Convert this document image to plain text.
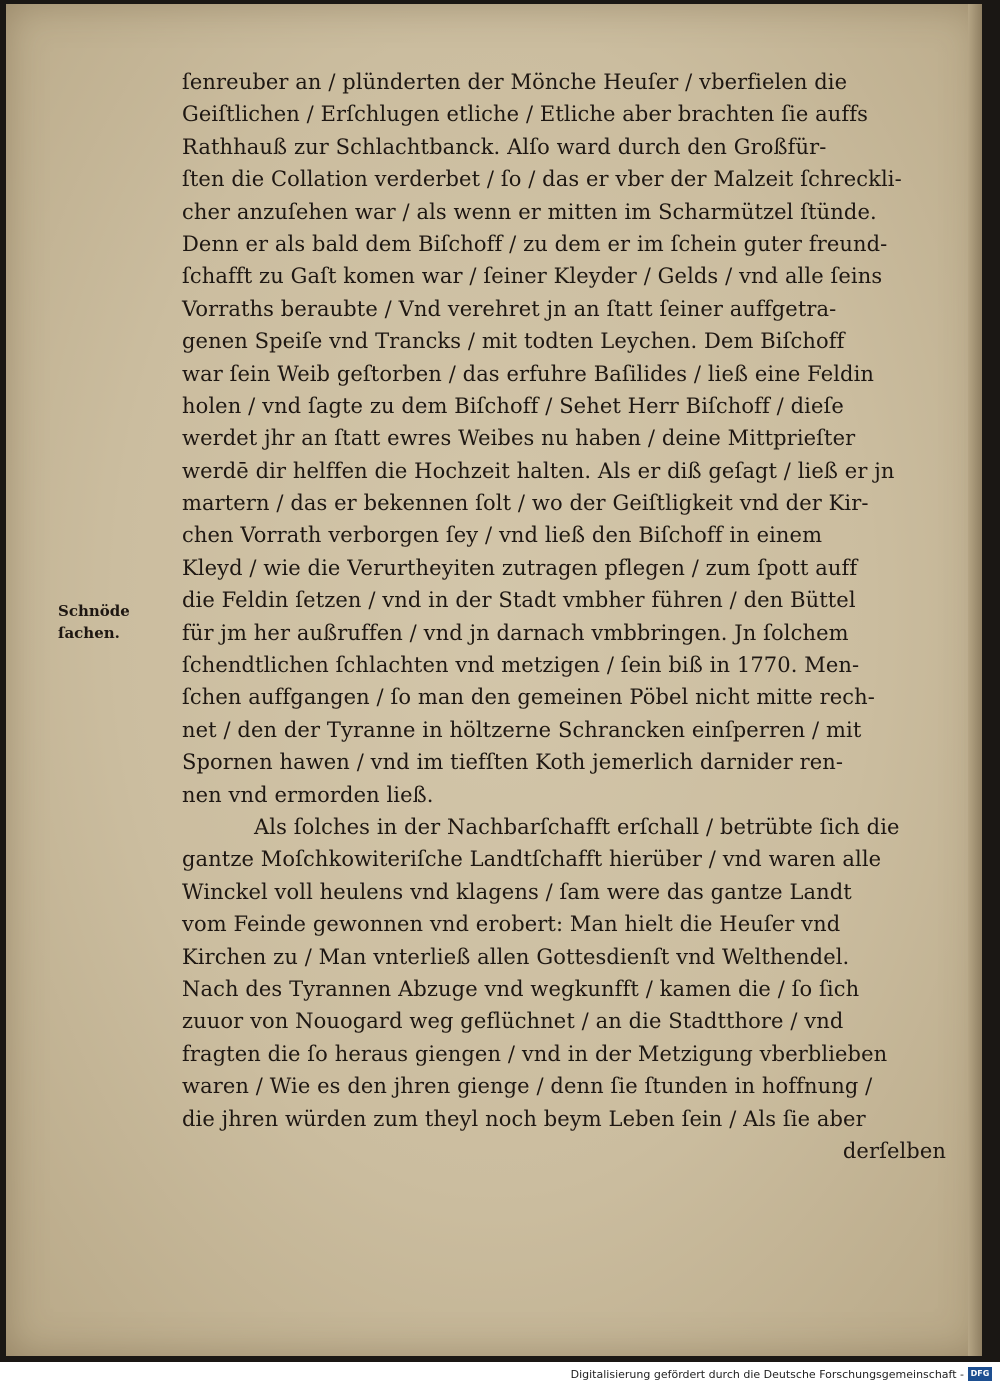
Schnöde
ſachen.
ſenreuber an / plünderten der Mönche Heuſer / vberfielen die
Geiſtlichen / Erſchlugen etliche / Etliche aber brachten ſie auffs
Rathhauß zur Schlachtbanck. Alſo ward durch den Großfür-
ſten die Collation verderbet / ſo / das er vber der Malzeit ſchreckli-
cher anzuſehen war / als wenn er mitten im Scharmützel ſtünde.
Denn er als bald dem Biſchoff / zu dem er im ſchein guter freund-
ſchafft zu Gaſt komen war / ſeiner Kleyder / Gelds / vnd alle ſeins
Vorraths beraubte / Vnd verehret jn an ſtatt ſeiner auffgetra-
genen Speiſe vnd Trancks / mit todten Leychen. Dem Biſchoff
war ſein Weib geſtorben / das erfuhre Baſilides / ließ eine Feldin
holen / vnd ſagte zu dem Biſchoff / Sehet Herr Biſchoff / dieſe
werdet jhr an ſtatt ewres Weibes nu haben / deine Mittprieſter
werdē dir helffen die Hochzeit halten. Als er diß geſagt / ließ er jn
martern / das er bekennen ſolt / wo der Geiſtligkeit vnd der Kir-
chen Vorrath verborgen ſey / vnd ließ den Biſchoff in einem
Kleyd / wie die Verurtheyiten zutragen pflegen / zum ſpott auff
die Feldin ſetzen / vnd in der Stadt vmbher führen / den Büttel
für jm her außruffen / vnd jn darnach vmbbringen. Jn ſolchem
ſchendtlichen ſchlachten vnd metzigen / ſein biß in 1770. Men-
ſchen auffgangen / ſo man den gemeinen Pöbel nicht mitte rech-
net / den der Tyranne in höltzerne Schrancken einſperren / mit
Spornen hawen / vnd im tiefſten Koth jemerlich darnider ren-
nen vnd ermorden ließ.
Als ſolches in der Nachbarſchafft erſchall / betrübte ſich die
gantze Moſchkowiteriſche Landtſchafft hierüber / vnd waren alle
Winckel voll heulens vnd klagens / ſam were das gantze Landt
vom Feinde gewonnen vnd erobert: Man hielt die Heuſer vnd
Kirchen zu / Man vnterließ allen Gottesdienſt vnd Welthendel.
Nach des Tyrannen Abzuge vnd wegkunfft / kamen die / ſo ſich
zuuor von Nouogard weg geflüchnet / an die Stadtthore / vnd
fragten die ſo heraus giengen / vnd in der Metzigung vberblieben
waren / Wie es den jhren gienge / denn ſie ſtunden in hoffnung /
die jhren würden zum theyl noch beym Leben ſein / Als ſie aber
derſelben
Digitalisierung gefördert durch die Deutsche Forschungsgemeinschaft - DFG
